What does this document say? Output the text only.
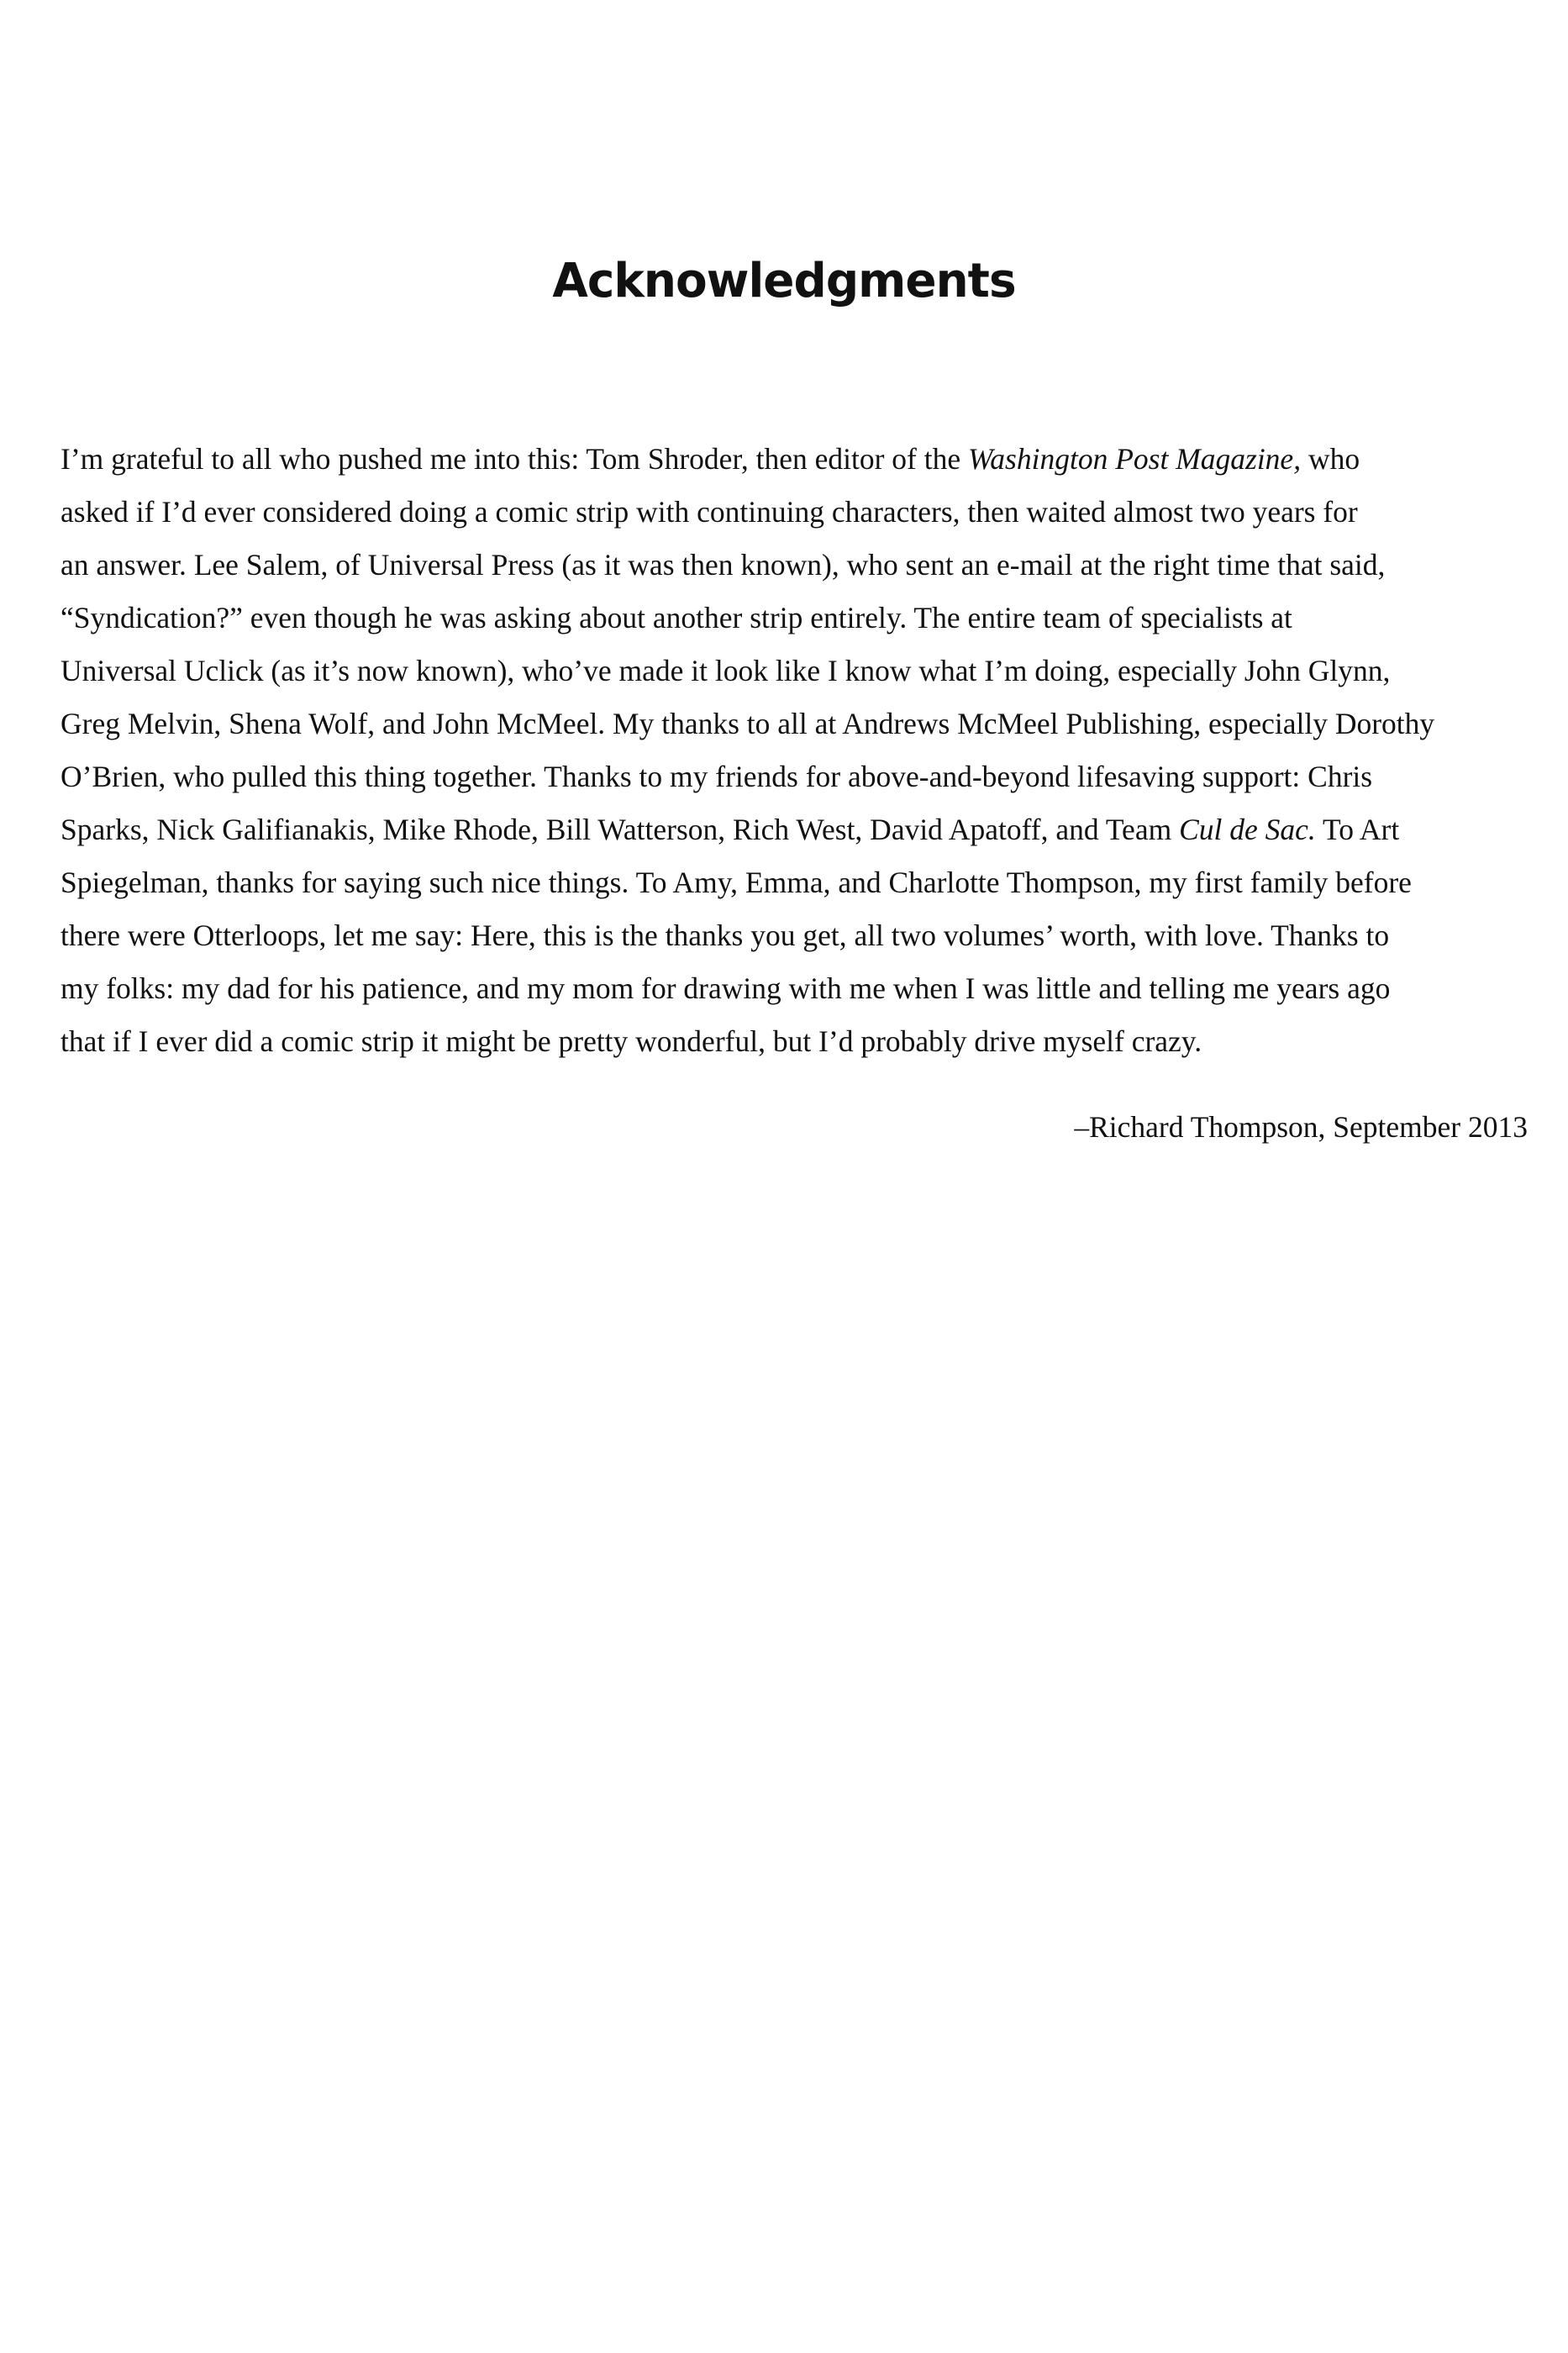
Acknowledgments
I’m grateful to all who pushed me into this: Tom Shroder, then editor of the Washington Post Magazine, who
asked if I’d ever considered doing a comic strip with continuing characters, then waited almost two years for
an answer. Lee Salem, of Universal Press (as it was then known), who sent an e-mail at the right time that said,
“Syndication?” even though he was asking about another strip entirely. The entire team of specialists at
Universal Uclick (as it’s now known), who’ve made it look like I know what I’m doing, especially John Glynn,
Greg Melvin, Shena Wolf, and John McMeel. My thanks to all at Andrews McMeel Publishing, especially Dorothy
O’Brien, who pulled this thing together. Thanks to my friends for above-and-beyond lifesaving support: Chris
Sparks, Nick Galifianakis, Mike Rhode, Bill Watterson, Rich West, David Apatoff, and Team Cul de Sac. To Art
Spiegelman, thanks for saying such nice things. To Amy, Emma, and Charlotte Thompson, my first family before
there were Otterloops, let me say: Here, this is the thanks you get, all two volumes’ worth, with love. Thanks to
my folks: my dad for his patience, and my mom for drawing with me when I was little and telling me years ago
that if I ever did a comic strip it might be pretty wonderful, but I’d probably drive myself crazy.

–Richard Thompson, September 2013
